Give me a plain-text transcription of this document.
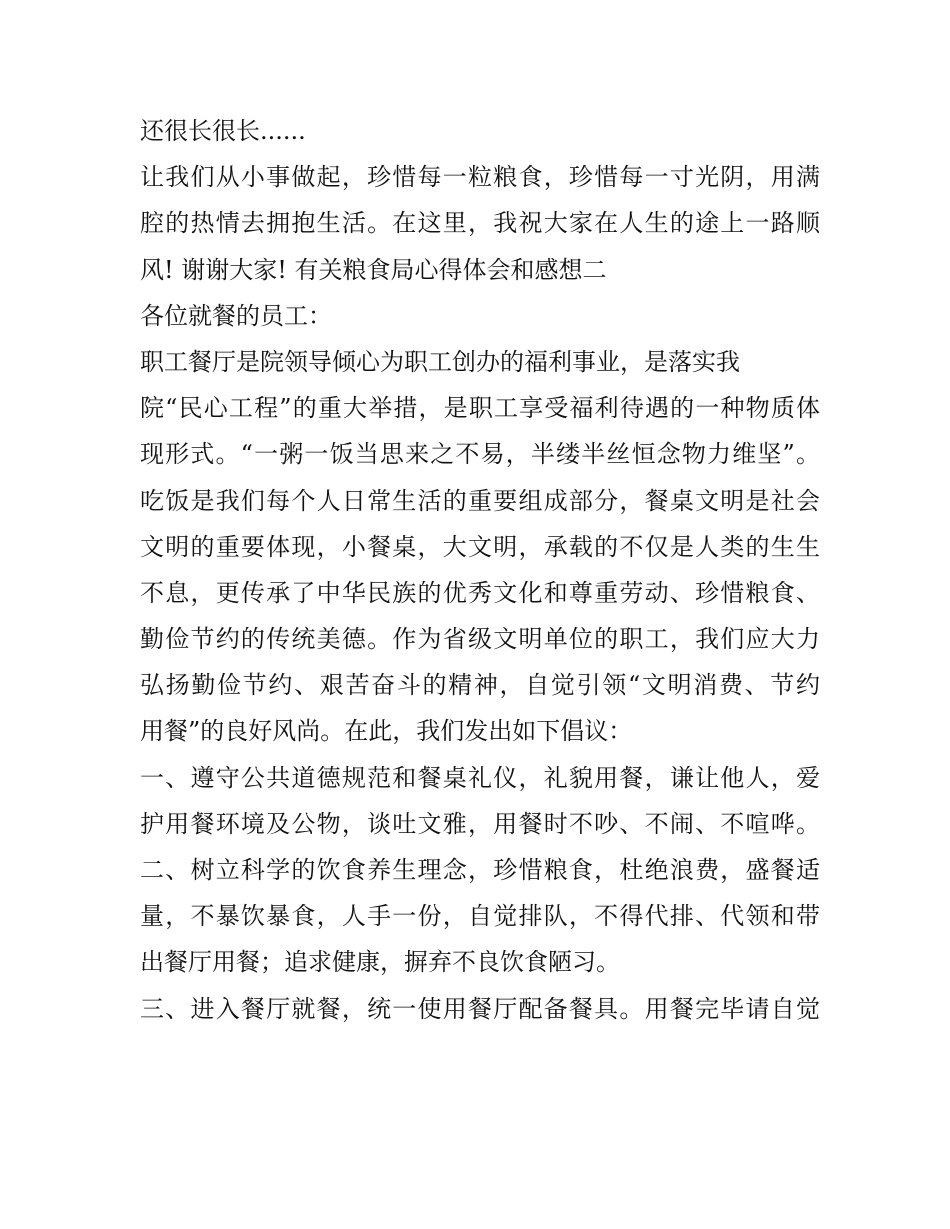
还很长很长......
让我们从小事做起，珍惜每一粒粮食，珍惜每一寸光阴，用满
腔的热情去拥抱生活。在这里，我祝大家在人生的途上一路顺
风! 谢谢大家! 有关粮食局心得体会和感想二
各位就餐的员工：
职工餐厅是院领导倾心为职工创办的福利事业，是落实我
院“民心工程”的重大举措，是职工享受福利待遇的一种物质体
现形式。“一粥一饭当思来之不易，半缕半丝恒念物力维坚”。
吃饭是我们每个人日常生活的重要组成部分，餐桌文明是社会
文明的重要体现，小餐桌，大文明，承载的不仅是人类的生生
不息，更传承了中华民族的优秀文化和尊重劳动、珍惜粮食、
勤俭节约的传统美德。作为省级文明单位的职工，我们应大力
弘扬勤俭节约、艰苦奋斗的精神，自觉引领“文明消费、节约
用餐”的良好风尚。在此，我们发出如下倡议：
一、遵守公共道德规范和餐桌礼仪，礼貌用餐，谦让他人，爱
护用餐环境及公物，谈吐文雅，用餐时不吵、不闹、不喧哗。
二、树立科学的饮食养生理念，珍惜粮食，杜绝浪费，盛餐适
量，不暴饮暴食，人手一份，自觉排队，不得代排、代领和带
出餐厅用餐；追求健康，摒弃不良饮食陋习。
三、进入餐厅就餐，统一使用餐厅配备餐具。用餐完毕请自觉
